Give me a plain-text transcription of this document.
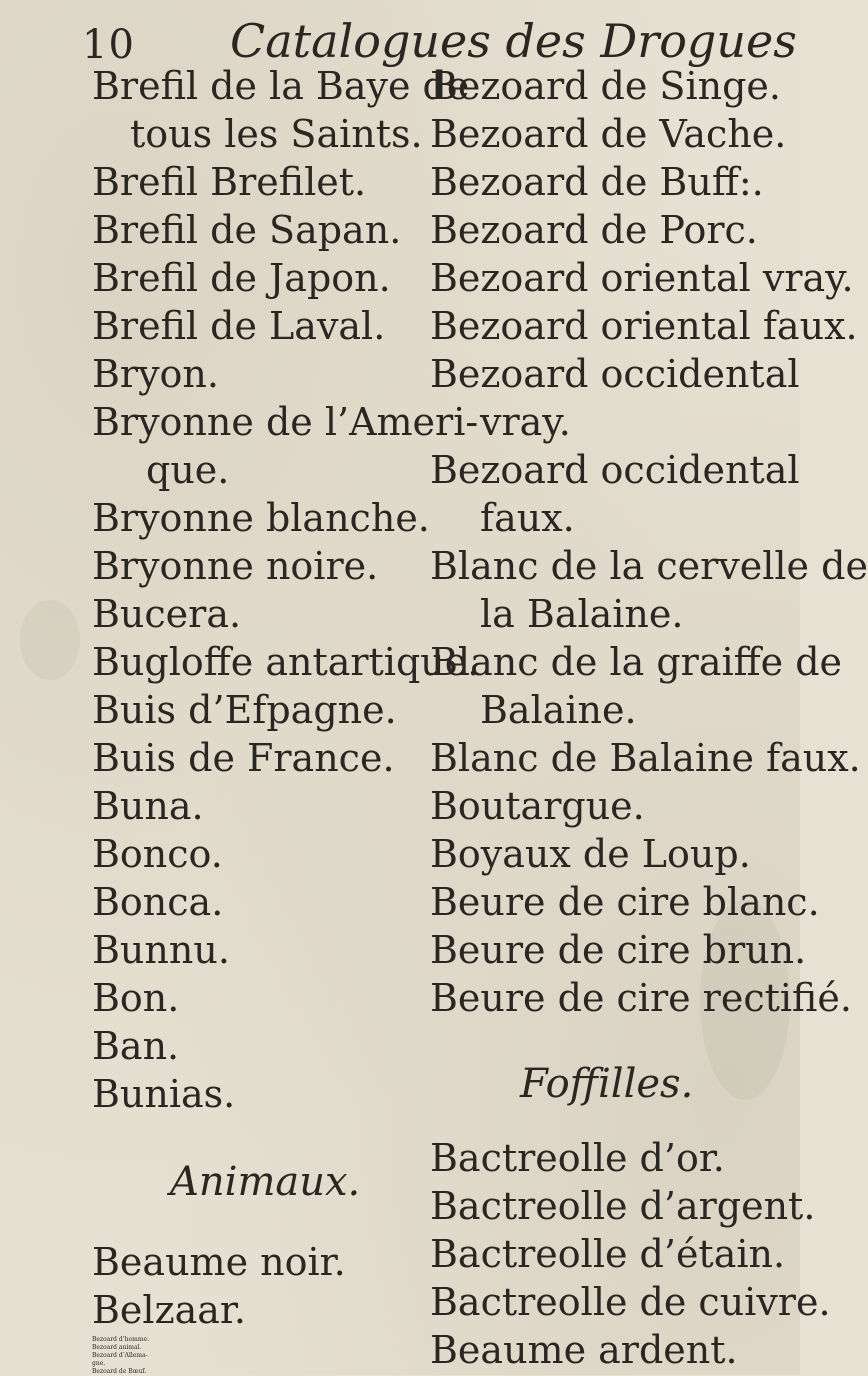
10 Catalogues des Drogues
Brefil de la Baye de
tous les Saints.
Brefil Brefilet.
Brefil de Sapan.
Brefil de Japon.
Brefil de Laval.
Bryon.
Bryonne de l’Ameri-
que.
Bryonne blanche.
Bryonne noire.
Bucera.
Bugloffe antartique.
Buis d’Efpagne.
Buis de France.
Buna.
Bonco.
Bonca.
Bunnu.
Bon.
Ban.
Bunias.
Animaux.
Beaume noir.
Belzaar.
Bezoard d’homme.
Bezoard animal.
Bezoard d’Allema-
gne.
Bezoard de Bœuf.
Bezoard de Singe.
Bezoard de Vache.
Bezoard de Buff:.
Bezoard de Porc.
Bezoard oriental vray.
Bezoard oriental faux.
Bezoard occidental
vray.
Bezoard occidental
faux.
Blanc de la cervelle de
la Balaine.
Blanc de la graiffe de
Balaine.
Blanc de Balaine faux.
Boutargue.
Boyaux de Loup.
Beure de cire blanc.
Beure de cire brun.
Beure de cire rectifié.
Foffilles.
Bactreolle d’or.
Bactreolle d’argent.
Bactreolle d’étain.
Bactreolle de cuivre.
Beaume ardent.
